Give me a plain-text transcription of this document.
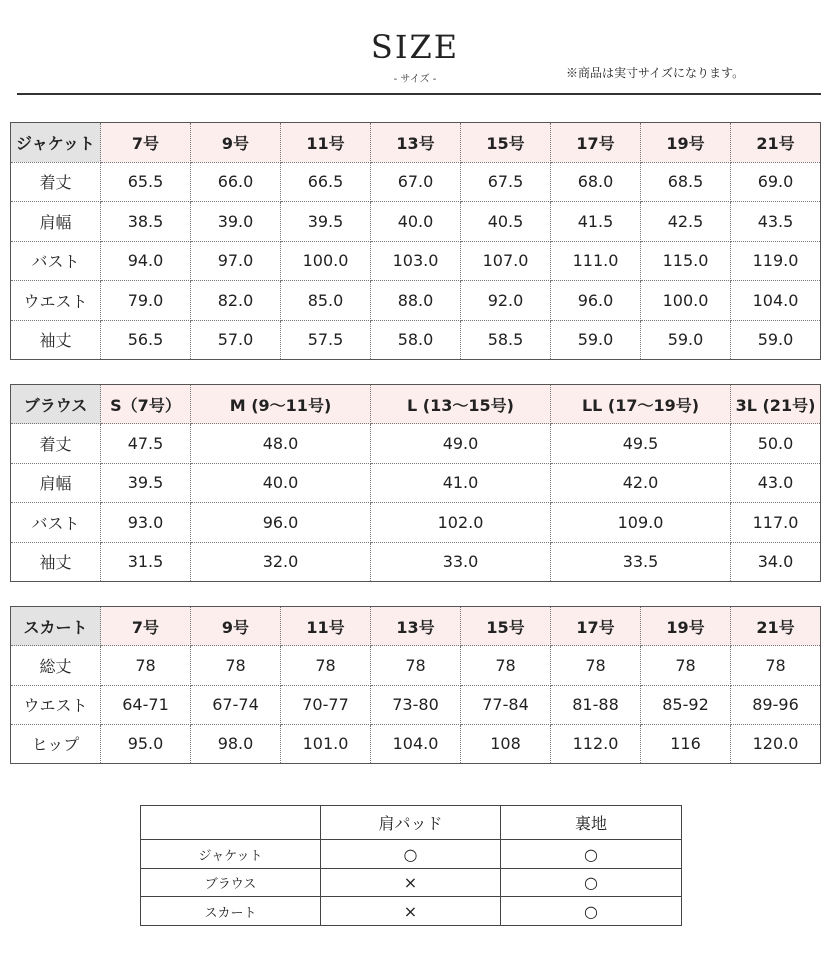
SIZE
- サイズ -	※商品は実寸サイズになります。
ジャケット	7号	9号	11号	13号	15号	17号	19号	21号
着丈	65.5	66.0	66.5	67.0	67.5	68.0	68.5	69.0
肩幅	38.5	39.0	39.5	40.0	40.5	41.5	42.5	43.5
バスト	94.0	97.0	100.0	103.0	107.0	111.0	115.0	119.0
ウエスト	79.0	82.0	85.0	88.0	92.0	96.0	100.0	104.0
袖丈	56.5	57.0	57.5	58.0	58.5	59.0	59.0	59.0
ブラウス	S（7号）	M (9～11号)	L (13～15号)	LL (17～19号)	3L (21号)
着丈	47.5	48.0	49.0	49.5	50.0
肩幅	39.5	40.0	41.0	42.0	43.0
バスト	93.0	96.0	102.0	109.0	117.0
袖丈	31.5	32.0	33.0	33.5	34.0
スカート	7号	9号	11号	13号	15号	17号	19号	21号
総丈	78	78	78	78	78	78	78	78
ウエスト	64-71	67-74	70-77	73-80	77-84	81-88	85-92	89-96
ヒップ	95.0	98.0	101.0	104.0	108	112.0	116	120.0
	肩パッド	裏地
ジャケット	○	○
ブラウス	×	○
スカート	×	○
